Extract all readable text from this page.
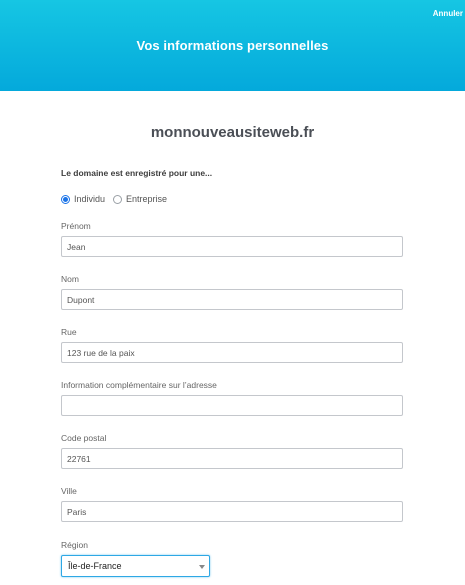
Annuler
Vos informations personnelles
monnouveausiteweb.fr
Le domaine est enregistré pour une...
Individu Entreprise
Prénom
Jean
Nom
Dupont
Rue
123 rue de la paix
Information complémentaire sur l’adresse
Code postal
22761
Ville
Paris
Région
Île-de-France
